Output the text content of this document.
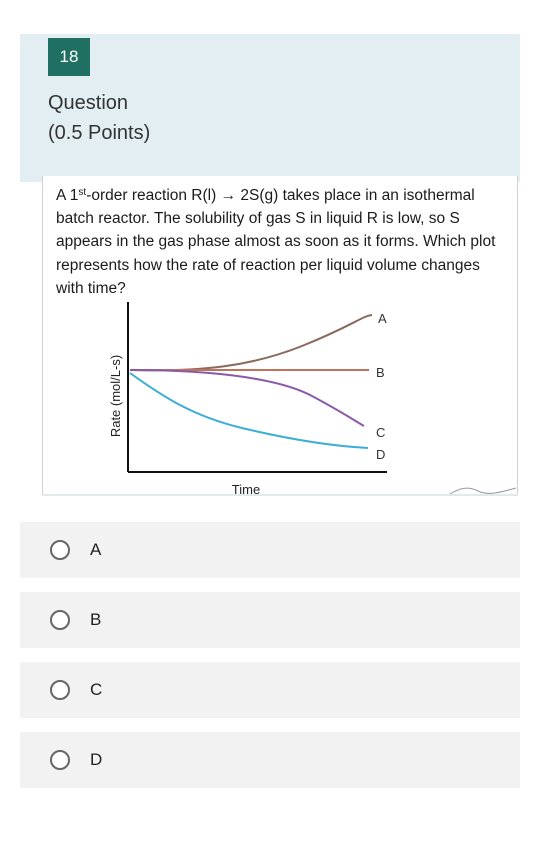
18
Question
(0.5 Points)
A 1st-order reaction R(l) → 2S(g) takes place in an isothermal batch reactor. The solubility of gas S in liquid R is low, so S appears in the gas phase almost as soon as it forms. Which plot represents how the rate of reaction per liquid volume changes with time?
A
B
C
D
Rate (mol/L-s)
Time
A
B
C
D
